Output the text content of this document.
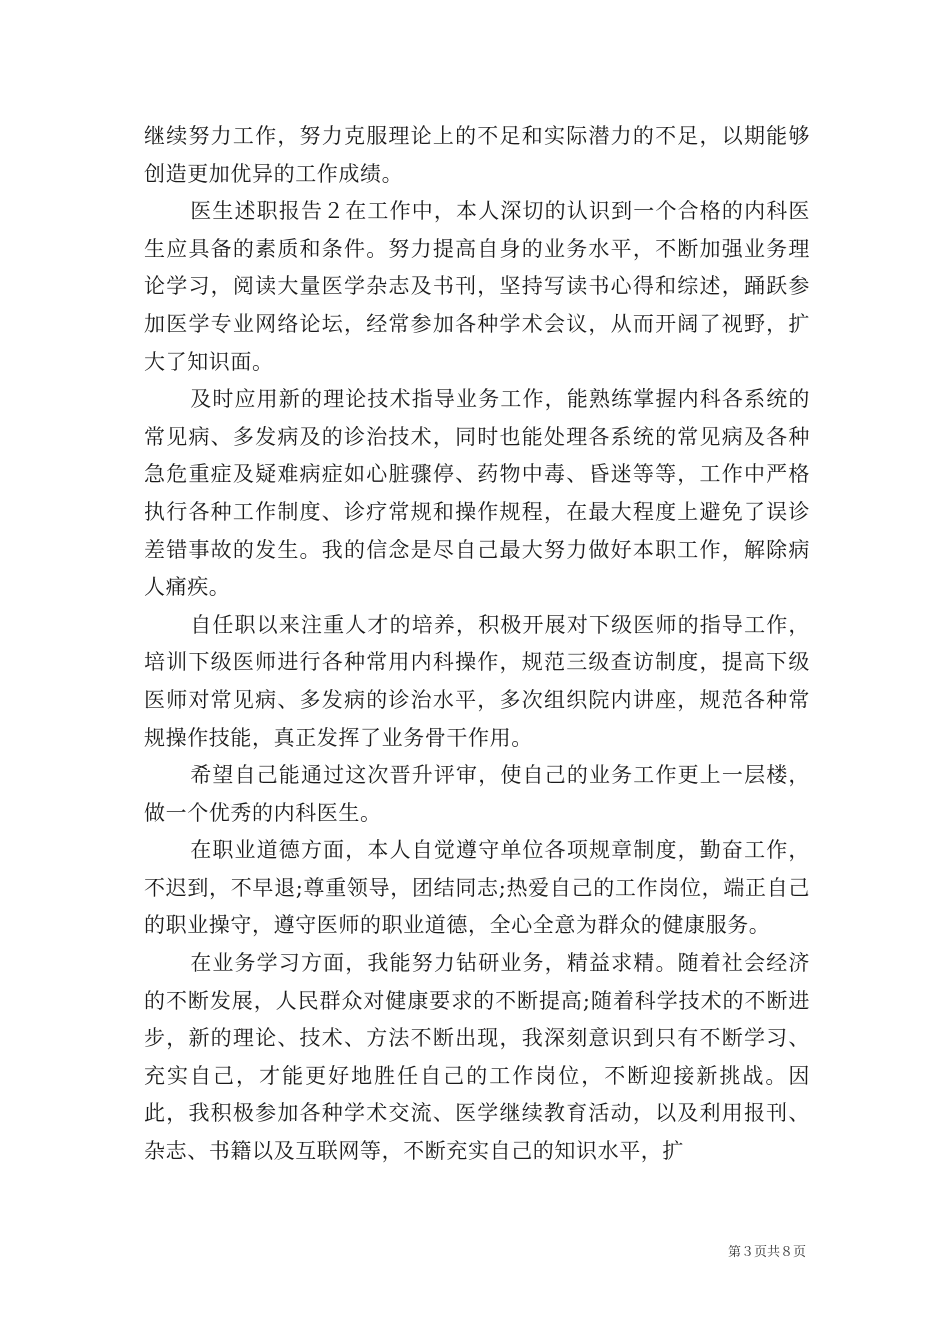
继续努力工作，努力克服理论上的不足和实际潜力的不足，以期能够创造更加优异的工作成绩。

医生述职报告２在工作中，本人深切的认识到一个合格的内科医生应具备的素质和条件。努力提高自身的业务水平，不断加强业务理论学习，阅读大量医学杂志及书刊，坚持写读书心得和综述，踊跃参加医学专业网络论坛，经常参加各种学术会议，从而开阔了视野，扩大了知识面。

及时应用新的理论技术指导业务工作，能熟练掌握内科各系统的常见病、多发病及的诊治技术，同时也能处理各系统的常见病及各种急危重症及疑难病症如心脏骤停、药物中毒、昏迷等等，工作中严格执行各种工作制度、诊疗常规和操作规程，在最大程度上避免了误诊差错事故的发生。我的信念是尽自己最大努力做好本职工作，解除病人痛疾。

自任职以来注重人才的培养，积极开展对下级医师的指导工作，培训下级医师进行各种常用内科操作，规范三级查访制度，提高下级医师对常见病、多发病的诊治水平，多次组织院内讲座，规范各种常规操作技能，真正发挥了业务骨干作用。

希望自己能通过这次晋升评审，使自己的业务工作更上一层楼，做一个优秀的内科医生。

在职业道德方面，本人自觉遵守单位各项规章制度，勤奋工作，不迟到，不早退;尊重领导，团结同志;热爱自己的工作岗位，端正自己的职业操守，遵守医师的职业道德，全心全意为群众的健康服务。

在业务学习方面，我能努力钻研业务，精益求精。随着社会经济的不断发展，人民群众对健康要求的不断提高;随着科学技术的不断进步，新的理论、技术、方法不断出现，我深刻意识到只有不断学习、充实自己，才能更好地胜任自己的工作岗位，不断迎接新挑战。因此，我积极参加各种学术交流、医学继续教育活动，以及利用报刊、杂志、书籍以及互联网等，不断充实自己的知识水平，扩

第３页共８页
